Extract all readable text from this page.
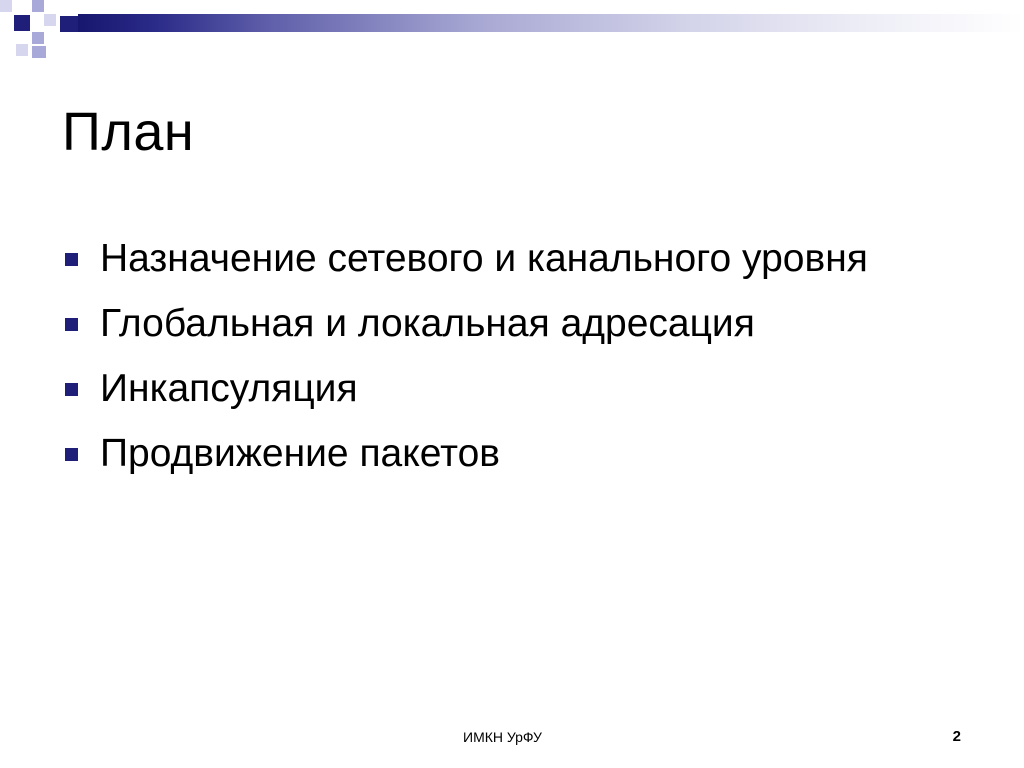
План
Назначение сетевого и канального уровня
Глобальная и локальная адресация
Инкапсуляция
Продвижение пакетов
ИМКН УрФУ	2
